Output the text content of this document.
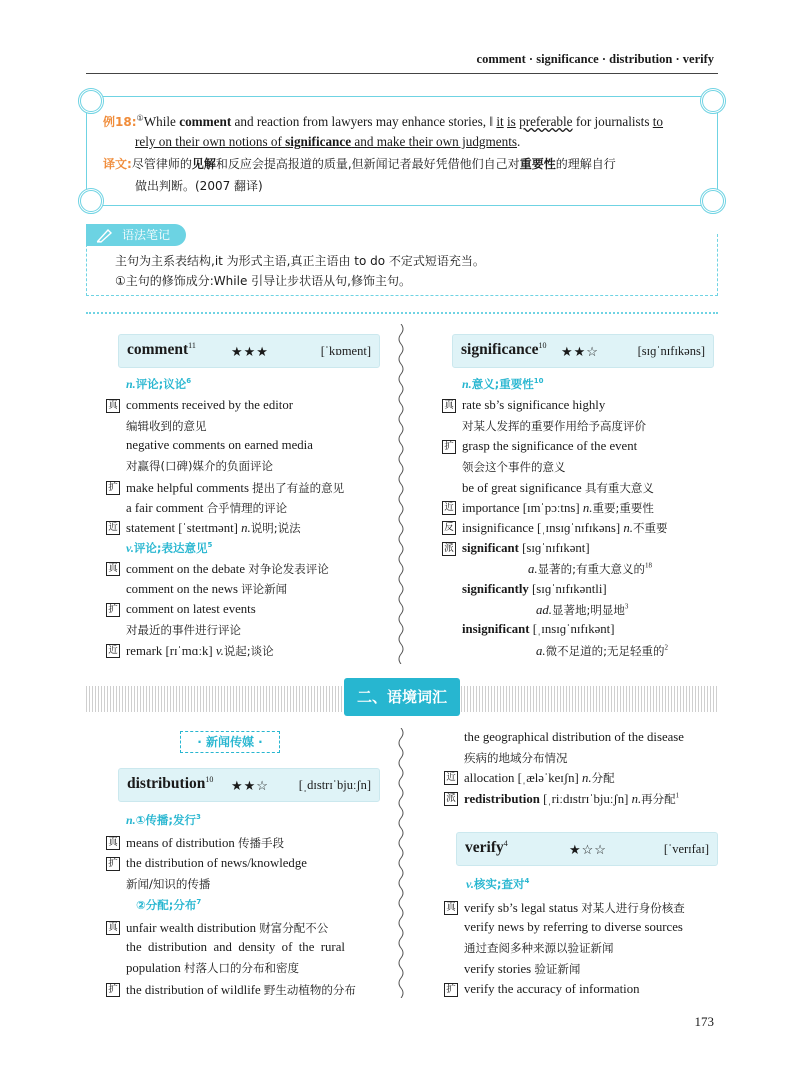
comment · significance · distribution · verify
例18:①While comment and reaction from lawyers may enhance stories, ‖ it is preferable for journalists to
rely on their own notions of significance and make their own judgments.
译文:尽管律师的见解和反应会提高报道的质量,但新闻记者最好凭借他们自己对重要性的理解自行
做出判断。(2007 翻译)
主句为主系表结构,it 为形式主语,真正主语由 to do 不定式短语充当。
①主句的修饰成分:While 引导让步状语从句,修饰主句。
语法笔记
comment$^{11}$	★★★	[ˈkɒment]
n.评论;议论$^6$
真 comments received by the editor
编辑收到的意见
negative comments on earned media
对赢得(口碑)媒介的负面评论
扩 make helpful comments 提出了有益的意见
a fair comment 合乎情理的评论
近 statement [ˈsteɪtmənt] n.说明;说法
v.评论;表达意见$^5$
真 comment on the debate 对争论发表评论
comment on the news 评论新闻
扩 comment on latest events
对最近的事件进行评论
近 remark [rɪˈmɑːk] v.说起;谈论
significance$^{10}$ ★★☆	[sɪɡˈnɪfɪkəns]
n.意义;重要性$^{10}$
真 rate sb’s significance highly
对某人发挥的重要作用给予高度评价
扩 grasp the significance of the event
领会这个事件的意义
be of great significance 具有重大意义
近 importance [ɪmˈpɔːtns] n.重要;重要性
反 insignificance [ˌɪnsɪɡˈnɪfɪkəns] n.不重要
派 significant [sɪɡˈnɪfɪkənt]
a.显著的;有重大意义的$^{18}$
significantly [sɪɡˈnɪfɪkəntli]
ad.显著地;明显地$^3$
insignificant [ˌɪnsɪɡˈnɪfɪkənt]
a.微不足道的;无足轻重的$^2$
二、语境词汇
· 新闻传媒 ·
distribution$^{10}$ ★★☆ [ˌdɪstrɪˈbjuːʃn]
n.①传播;发行$^3$
真 means of distribution 传播手段
扩 the distribution of news/knowledge
新闻/知识的传播
②分配;分布$^7$
真 unfair wealth distribution 财富分配不公
the  distribution  and  density  of  the  rural
population 村落人口的分布和密度
扩 the distribution of wildlife 野生动植物的分布
the geographical distribution of the disease
疾病的地域分布情况
近 allocation [ˌæləˈkeɪʃn] n.分配
派 redistribution [ˌriːdɪstrɪˈbjuːʃn] n.再分配$^1$
verify$^4$	★☆☆	[ˈverɪfaɪ]
v.核实;查对$^4$
真 verify sb’s legal status 对某人进行身份核查
verify news by referring to diverse sources
通过查阅多种来源以验证新闻
verify stories 验证新闻
扩 verify the accuracy of information
173
